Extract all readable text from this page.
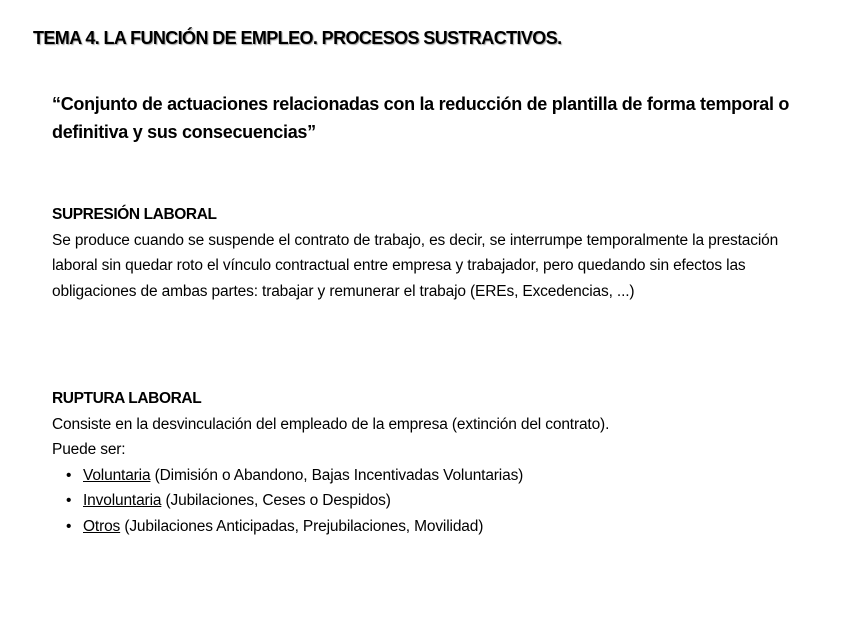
TEMA 4. LA FUNCIÓN DE EMPLEO. PROCESOS SUSTRACTIVOS.

“Conjunto de actuaciones relacionadas con la reducción de plantilla de forma temporal o definitiva y sus consecuencias”

SUPRESIÓN LABORAL
Se produce cuando se suspende el contrato de trabajo, es decir, se interrumpe temporalmente la prestación laboral sin quedar roto el vínculo contractual entre empresa y trabajador, pero quedando sin efectos las obligaciones de ambas partes: trabajar y remunerar el trabajo (EREs, Excedencias, ...)
RUPTURA LABORAL
Consiste en la desvinculación del empleado de la empresa (extinción del contrato).
Puede ser:
• Voluntaria (Dimisión o Abandono, Bajas Incentivadas Voluntarias)
• Involuntaria (Jubilaciones, Ceses o Despidos)
• Otros (Jubilaciones Anticipadas, Prejubilaciones, Movilidad)
